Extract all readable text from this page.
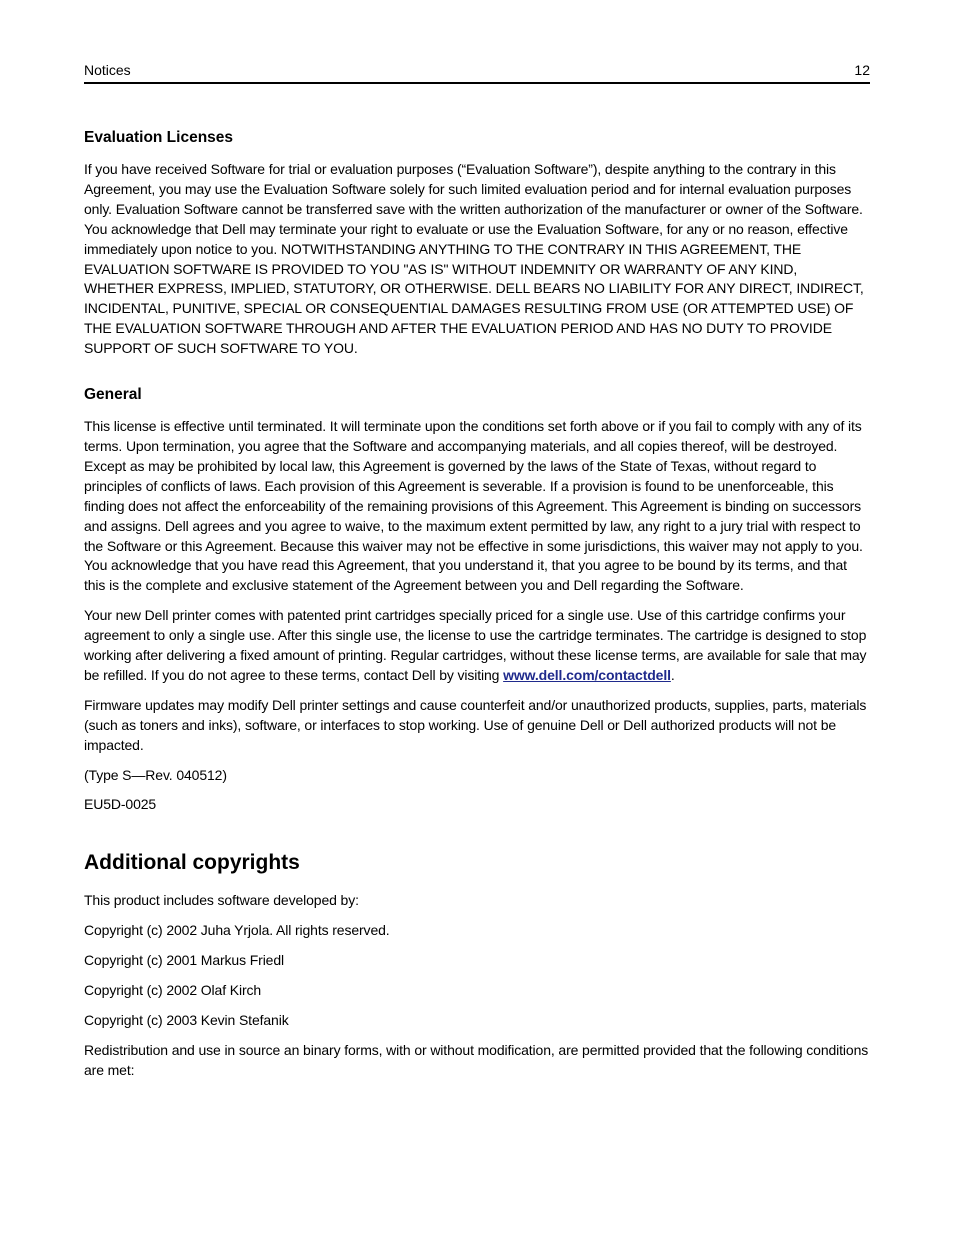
Notices	12
Evaluation Licenses

If you have received Software for trial or evaluation purposes (“Evaluation Software”), despite anything to the contrary in this Agreement, you may use the Evaluation Software solely for such limited evaluation period and for internal evaluation purposes only. Evaluation Software cannot be transferred save with the written authorization of the manufacturer or owner of the Software. You acknowledge that Dell may terminate your right to evaluate or use the Evaluation Software, for any or no reason, effective immediately upon notice to you. NOTWITHSTANDING ANYTHING TO THE CONTRARY IN THIS AGREEMENT, THE EVALUATION SOFTWARE IS PROVIDED TO YOU "AS IS" WITHOUT INDEMNITY OR WARRANTY OF ANY KIND, WHETHER EXPRESS, IMPLIED, STATUTORY, OR OTHERWISE. DELL BEARS NO LIABILITY FOR ANY DIRECT, INDIRECT, INCIDENTAL, PUNITIVE, SPECIAL OR CONSEQUENTIAL DAMAGES RESULTING FROM USE (OR ATTEMPTED USE) OF THE EVALUATION SOFTWARE THROUGH AND AFTER THE EVALUATION PERIOD AND HAS NO DUTY TO PROVIDE SUPPORT OF SUCH SOFTWARE TO YOU.

General

This license is effective until terminated. It will terminate upon the conditions set forth above or if you fail to comply with any of its terms. Upon termination, you agree that the Software and accompanying materials, and all copies thereof, will be destroyed. Except as may be prohibited by local law, this Agreement is governed by the laws of the State of Texas, without regard to principles of conflicts of laws. Each provision of this Agreement is severable. If a provision is found to be unenforceable, this finding does not affect the enforceability of the remaining provisions of this Agreement. This Agreement is binding on successors and assigns. Dell agrees and you agree to waive, to the maximum extent permitted by law, any right to a jury trial with respect to the Software or this Agreement. Because this waiver may not be effective in some jurisdictions, this waiver may not apply to you. You acknowledge that you have read this Agreement, that you understand it, that you agree to be bound by its terms, and that this is the complete and exclusive statement of the Agreement between you and Dell regarding the Software.

Your new Dell printer comes with patented print cartridges specially priced for a single use. Use of this cartridge confirms your agreement to only a single use. After this single use, the license to use the cartridge terminates. The cartridge is designed to stop working after delivering a fixed amount of printing. Regular cartridges, without these license terms, are available for sale that may be refilled. If you do not agree to these terms, contact Dell by visiting www.dell.com/contactdell.

Firmware updates may modify Dell printer settings and cause counterfeit and/or unauthorized products, supplies, parts, materials (such as toners and inks), software, or interfaces to stop working. Use of genuine Dell or Dell authorized products will not be impacted.

(Type S—Rev. 040512)

EU5D-0025

Additional copyrights

This product includes software developed by:

Copyright (c) 2002 Juha Yrjola. All rights reserved.

Copyright (c) 2001 Markus Friedl

Copyright (c) 2002 Olaf Kirch

Copyright (c) 2003 Kevin Stefanik

Redistribution and use in source an binary forms, with or without modification, are permitted provided that the following conditions are met:
